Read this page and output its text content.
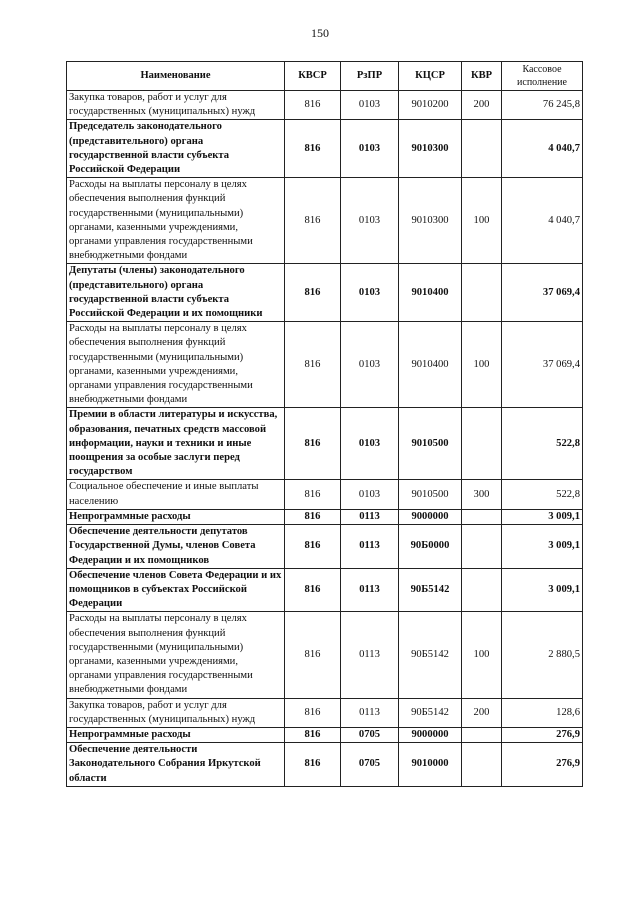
150
Наименование	КВСР	РзПР	КЦСР	КВР	Кассовое исполнение
Закупка товаров, работ и услуг для государственных (муниципальных) нужд	816	0103	9010200	200	76 245,8
Председатель законодательного (представительного) органа государственной власти субъекта Российской Федерации	816	0103	9010300		4 040,7
Расходы на выплаты персоналу в целях обеспечения выполнения функций государственными (муниципальными) органами, казенными учреждениями, органами управления государственными внебюджетными фондами	816	0103	9010300	100	4 040,7
Депутаты (члены) законодательного (представительного) органа государственной власти субъекта Российской Федерации и их помощники	816	0103	9010400		37 069,4
Расходы на выплаты персоналу в целях обеспечения выполнения функций государственными (муниципальными) органами, казенными учреждениями, органами управления государственными внебюджетными фондами	816	0103	9010400	100	37 069,4
Премии в области литературы и искусства, образования, печатных средств массовой информации, науки и техники и иные поощрения за особые заслуги перед государством	816	0103	9010500		522,8
Социальное обеспечение и иные выплаты населению	816	0103	9010500	300	522,8
Непрограммные расходы	816	0113	9000000		3 009,1
Обеспечение деятельности депутатов Государственной Думы, членов Совета Федерации и их помощников	816	0113	90Б0000		3 009,1
Обеспечение членов Совета Федерации и их помощников в субъектах Российской Федерации	816	0113	90Б5142		3 009,1
Расходы на выплаты персоналу в целях обеспечения выполнения функций государственными (муниципальными) органами, казенными учреждениями, органами управления государственными внебюджетными фондами	816	0113	90Б5142	100	2 880,5
Закупка товаров, работ и услуг для государственных (муниципальных) нужд	816	0113	90Б5142	200	128,6
Непрограммные расходы	816	0705	9000000		276,9
Обеспечение деятельности Законодательного Собрания Иркутской области	816	0705	9010000		276,9
